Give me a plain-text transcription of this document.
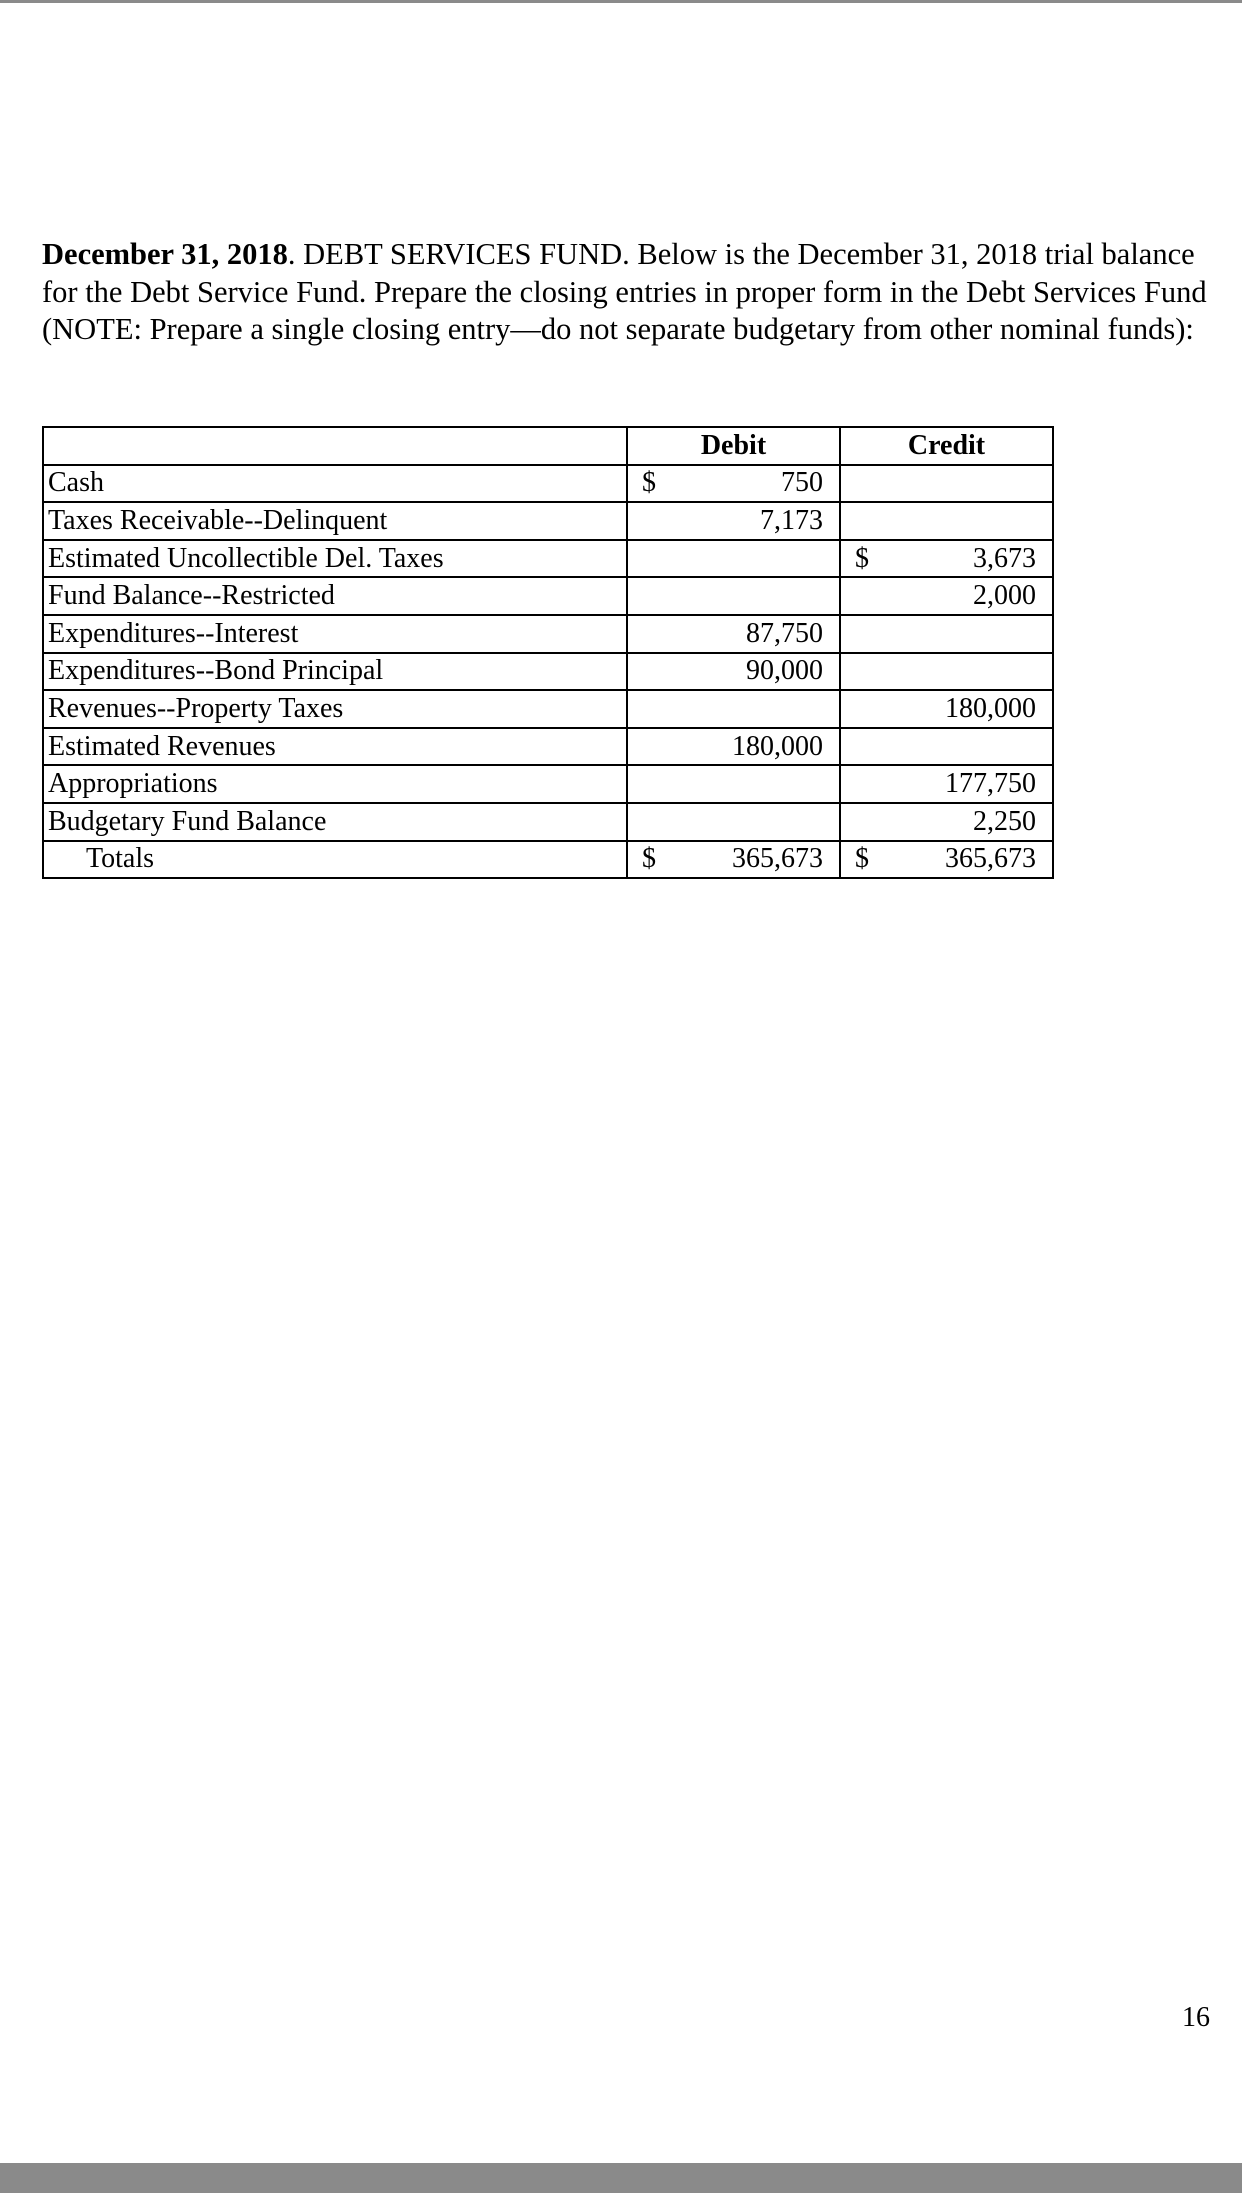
December 31, 2018. DEBT SERVICES FUND. Below is the December 31, 2018 trial balance for the Debt Service Fund. Prepare the closing entries in proper form in the Debt Services Fund (NOTE: Prepare a single closing entry—do not separate budgetary from other nominal funds):

	Debit	Credit
Cash	$ 750	

Taxes Receivable--Delinquent	7,173	

Estimated Uncollectible Del. Taxes		$ 3,673

Fund Balance--Restricted		2,000

Expenditures--Interest	87,750	

Expenditures--Bond Principal	90,000	

Revenues--Property Taxes		180,000

Estimated Revenues	180,000	

Appropriations		177,750

Budgetary Fund Balance		2,250

Totals	$ 365,673	$ 365,673
16
